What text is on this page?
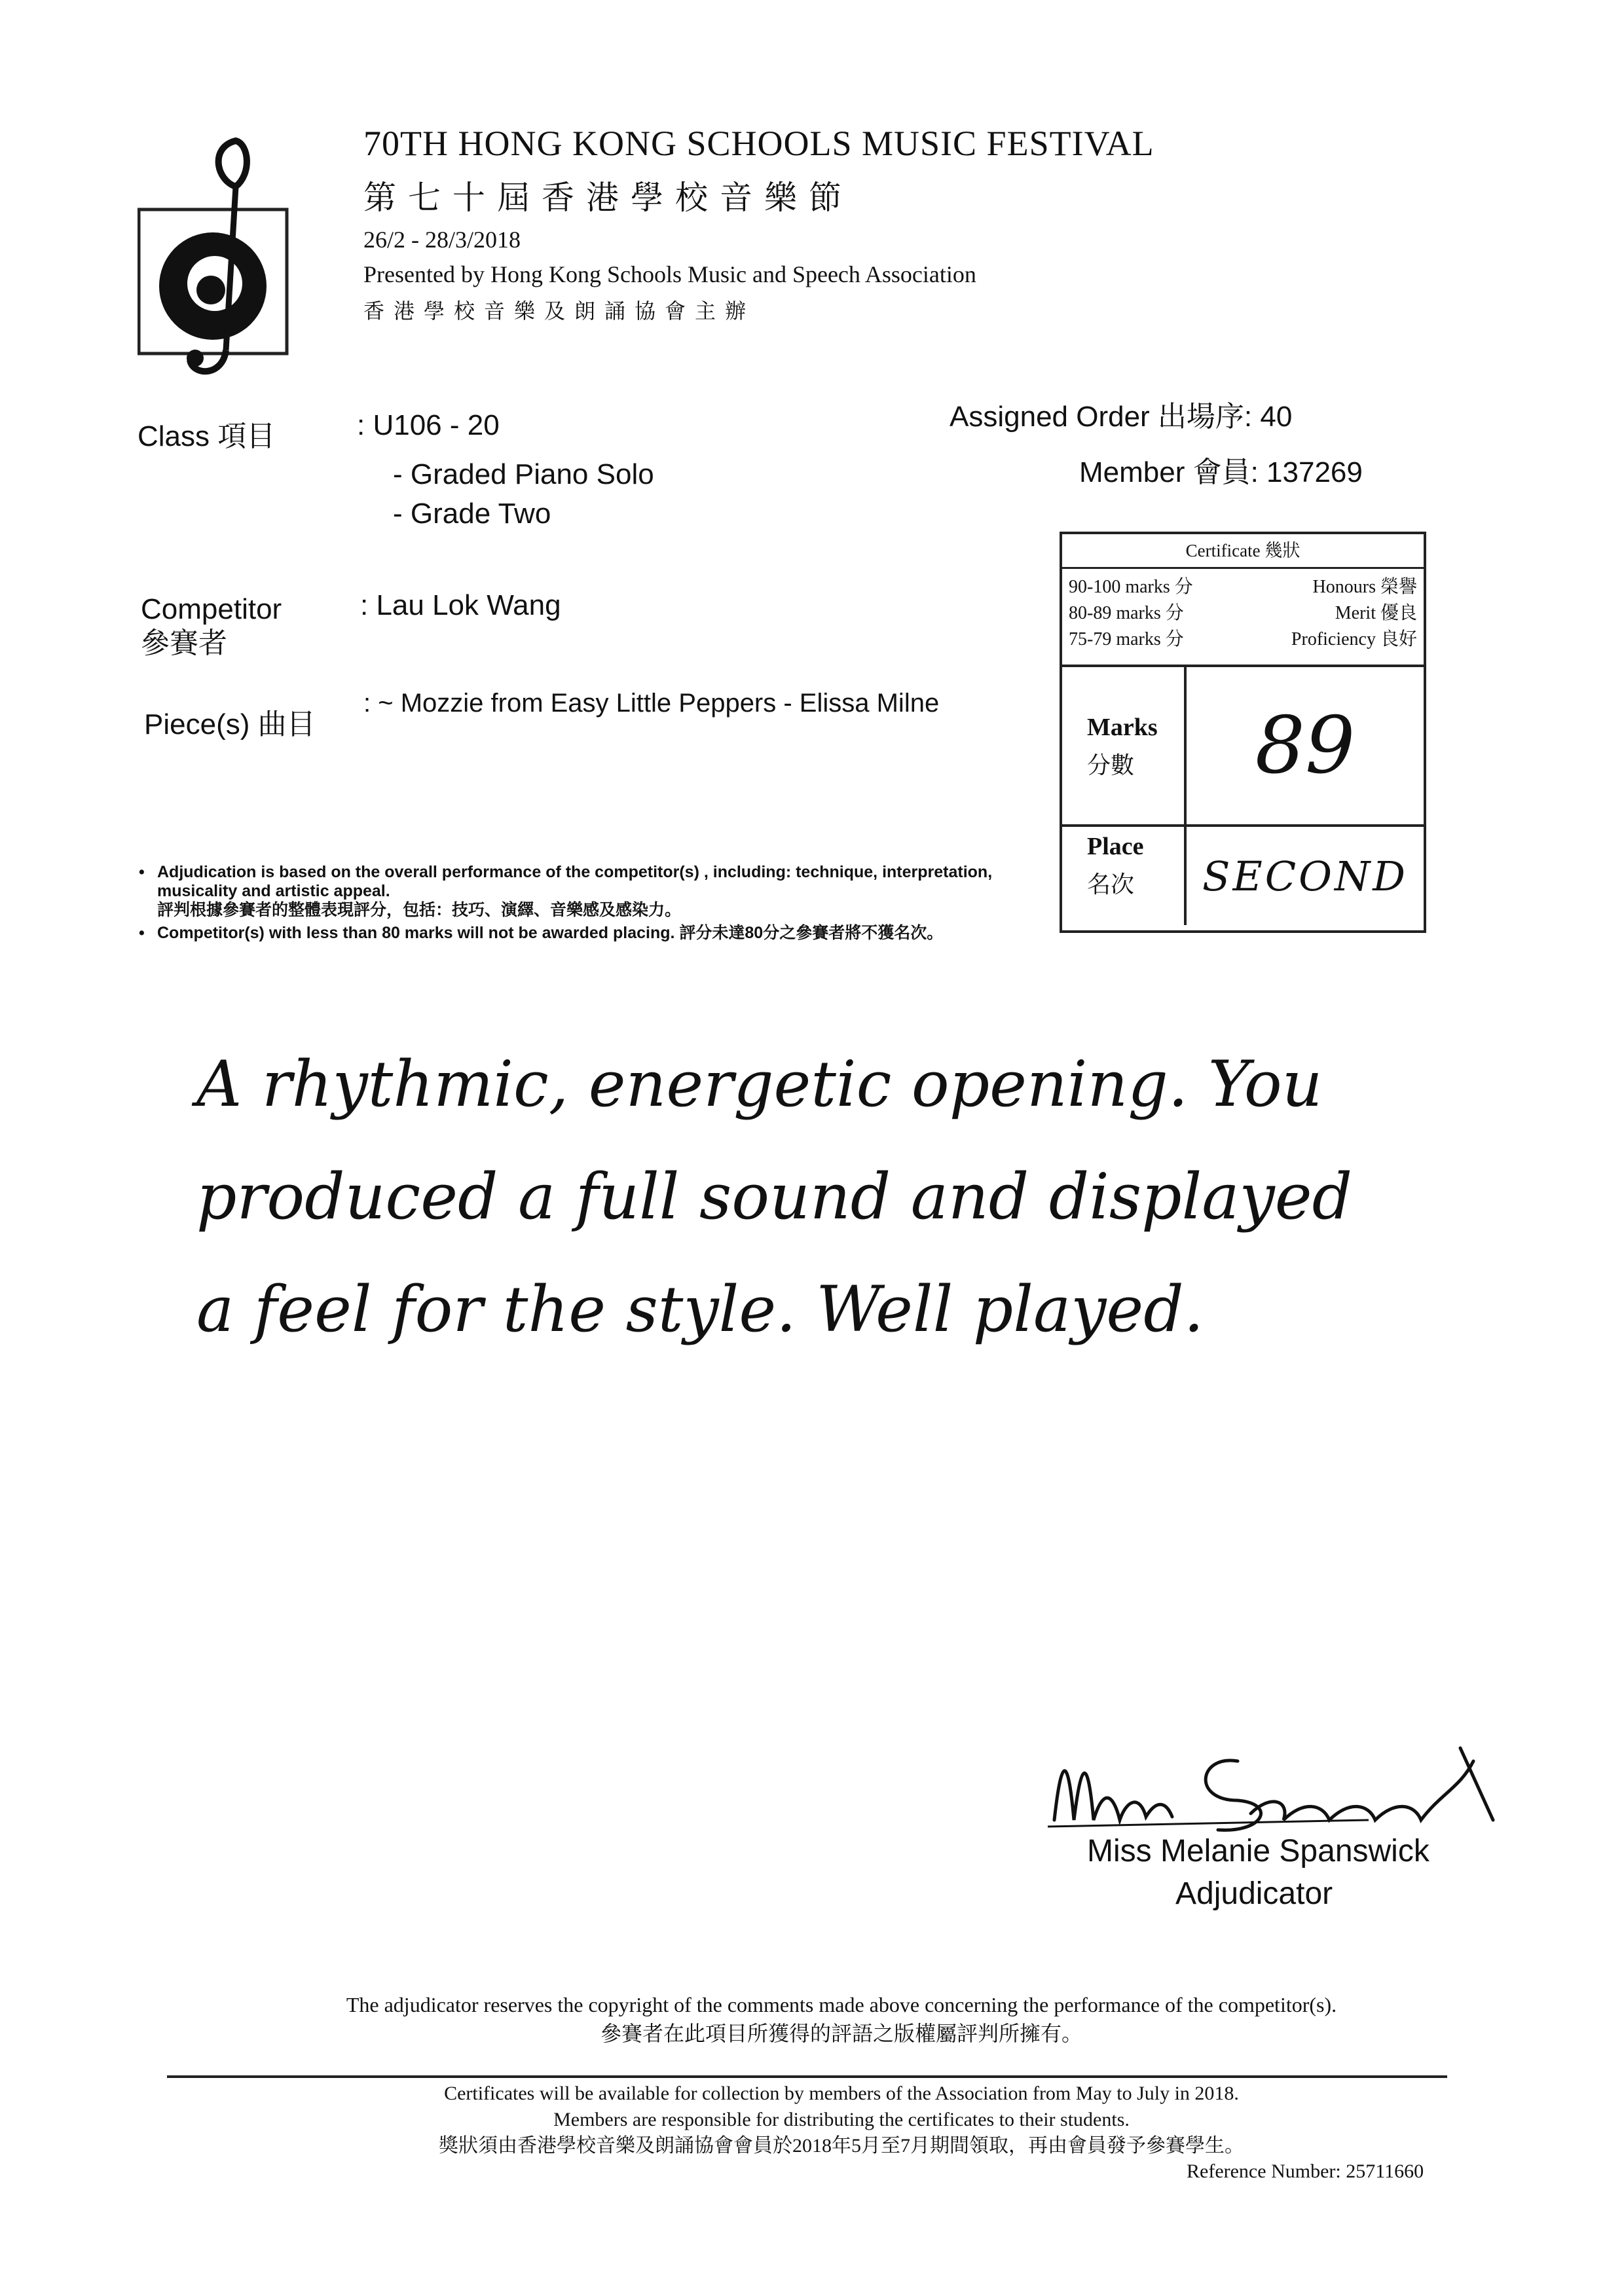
70TH HONG KONG SCHOOLS MUSIC FESTIVAL
第七十屆香港學校音樂節
26/2 - 28/3/2018
Presented by Hong Kong Schools Music and Speech Association
香港學校音樂及朗誦協會主辦
Class 項目	: U106 - 20
- Graded Piano Solo
- Grade Two
Assigned Order 出場序: 40
Member 會員: 137269
Competitor
參賽者
: Lau Lok Wang
Piece(s) 曲目
: ~ Mozzie from Easy Little Peppers - Elissa Milne
Certificate 幾狀
90-100 marks 分	Honours 榮譽
80-89 marks 分	Merit 優良
75-79 marks 分	Proficiency 良好
Marks
分數	89
Place
名次	SECOND
• Adjudication is based on the overall performance of the competitor(s) , including: technique, interpretation, musicality and artistic appeal.
評判根據參賽者的整體表現評分，包括：技巧、演繹、音樂感及感染力。
• Competitor(s) with less than 80 marks will not be awarded placing. 評分未達80分之參賽者將不獲名次。
A rhythmic, energetic opening. You
produced a full sound and displayed
a feel for the style. Well played.
Miss Melanie Spanswick
Adjudicator
The adjudicator reserves the copyright of the comments made above concerning the performance of the competitor(s).
參賽者在此項目所獲得的評語之版權屬評判所擁有。
Certificates will be available for collection by members of the Association from May to July in 2018.
Members are responsible for distributing the certificates to their students.
獎狀須由香港學校音樂及朗誦協會會員於2018年5月至7月期間領取，再由會員發予參賽學生。
Reference Number: 25711660
